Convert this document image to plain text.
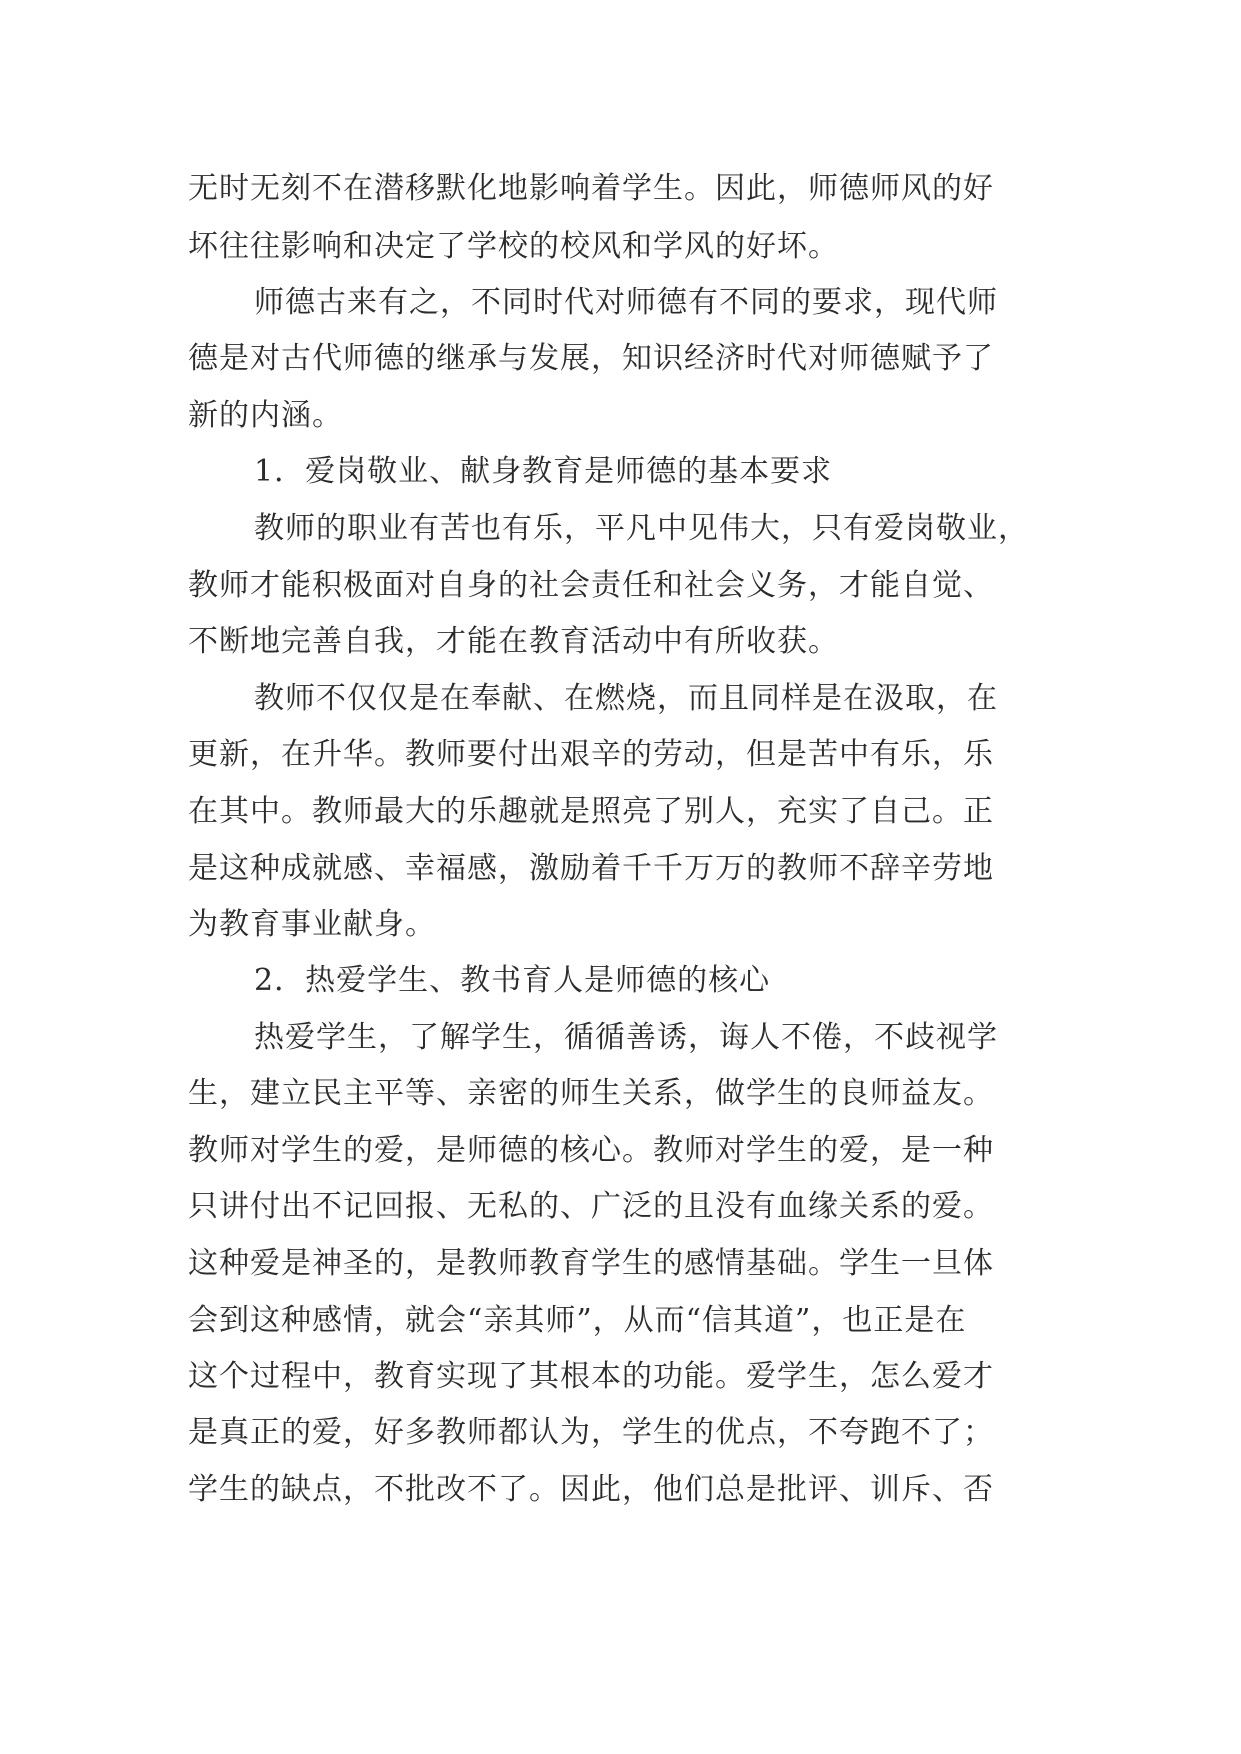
无时无刻不在潜移默化地影响着学生。因此，师德师风的好

坏往往影响和决定了学校的校风和学风的好坏。

师德古来有之，不同时代对师德有不同的要求，现代师

德是对古代师德的继承与发展，知识经济时代对师德赋予了

新的内涵。

1．爱岗敬业、献身教育是师德的基本要求

教师的职业有苦也有乐，平凡中见伟大，只有爱岗敬业，

教师才能积极面对自身的社会责任和社会义务，才能自觉、

不断地完善自我，才能在教育活动中有所收获。

教师不仅仅是在奉献、在燃烧，而且同样是在汲取，在

更新，在升华。教师要付出艰辛的劳动，但是苦中有乐，乐

在其中。教师最大的乐趣就是照亮了别人，充实了自己。正

是这种成就感、幸福感，激励着千千万万的教师不辞辛劳地

为教育事业献身。

2．热爱学生、教书育人是师德的核心

热爱学生，了解学生，循循善诱，诲人不倦，不歧视学

生，建立民主平等、亲密的师生关系，做学生的良师益友。

教师对学生的爱，是师德的核心。教师对学生的爱，是一种

只讲付出不记回报、无私的、广泛的且没有血缘关系的爱。

这种爱是神圣的，是教师教育学生的感情基础。学生一旦体

会到这种感情，就会“亲其师”，从而“信其道”，也正是在

这个过程中，教育实现了其根本的功能。爱学生，怎么爱才

是真正的爱，好多教师都认为，学生的优点，不夸跑不了；

学生的缺点，不批改不了。因此，他们总是批评、训斥、否
